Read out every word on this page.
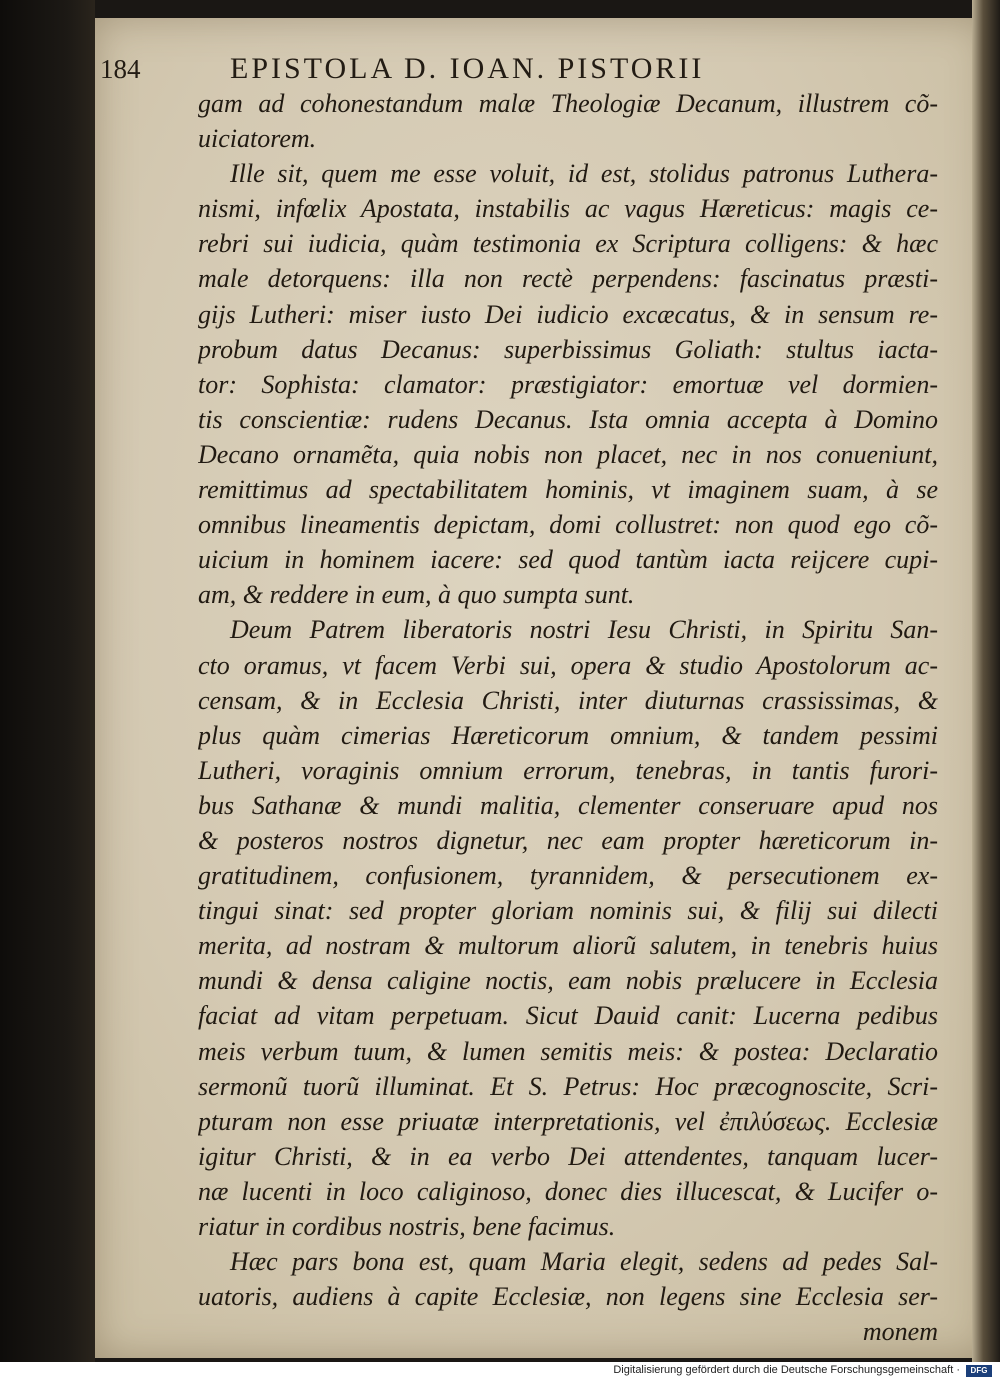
184	EPISTOLA D. IOAN. PISTORII
gam ad cohonestandum malæ Theologiæ Decanum, illustrem cõ-
uiciatorem.
Ille sit, quem me esse voluit, id est, stolidus patronus Luthera-
nismi, infœlix Apostata, instabilis ac vagus Hæreticus: magis ce-
rebri sui iudicia, quàm testimonia ex Scriptura colligens: & hæc
male detorquens: illa non rectè perpendens: fascinatus præsti-
gijs Lutheri: miser iusto Dei iudicio excæcatus, & in sensum re-
probum datus Decanus: superbissimus Goliath: stultus iacta-
tor: Sophista: clamator: præstigiator: emortuæ vel dormien-
tis conscientiæ: rudens Decanus. Ista omnia accepta à Domino
Decano ornamẽta, quia nobis non placet, nec in nos conueniunt,
remittimus ad spectabilitatem hominis, vt imaginem suam, à se
omnibus lineamentis depictam, domi collustret: non quod ego cõ-
uicium in hominem iacere: sed quod tantùm iacta reijcere cupi-
am, & reddere in eum, à quo sumpta sunt.
Deum Patrem liberatoris nostri Iesu Christi, in Spiritu San-
cto oramus, vt facem Verbi sui, opera & studio Apostolorum ac-
censam, & in Ecclesia Christi, inter diuturnas crassissimas, &
plus quàm cimerias Hæreticorum omnium, & tandem pessimi
Lutheri, voraginis omnium errorum, tenebras, in tantis furori-
bus Sathanæ & mundi malitia, clementer conseruare apud nos
& posteros nostros dignetur, nec eam propter hæreticorum in-
gratitudinem, confusionem, tyrannidem, & persecutionem ex-
tingui sinat: sed propter gloriam nominis sui, & filij sui dilecti
merita, ad nostram & multorum aliorũ salutem, in tenebris huius
mundi & densa caligine noctis, eam nobis prælucere in Ecclesia
faciat ad vitam perpetuam. Sicut Dauid canit: Lucerna pedibus
meis verbum tuum, & lumen semitis meis: & postea: Declaratio
sermonũ tuorũ illuminat. Et S. Petrus: Hoc præcognoscite, Scri-
pturam non esse priuatæ interpretationis, vel ἐπιλύσεως. Ecclesiæ
igitur Christi, & in ea verbo Dei attendentes, tanquam lucer-
næ lucenti in loco caliginoso, donec dies illucescat, & Lucifer o-
riatur in cordibus nostris, bene facimus.
Hæc pars bona est, quam Maria elegit, sedens ad pedes Sal-
uatoris, audiens à capite Ecclesiæ, non legens sine Ecclesia ser-
monem
Digitalisierung gefördert durch die Deutsche Forschungsgemeinschaft ·	DFG
